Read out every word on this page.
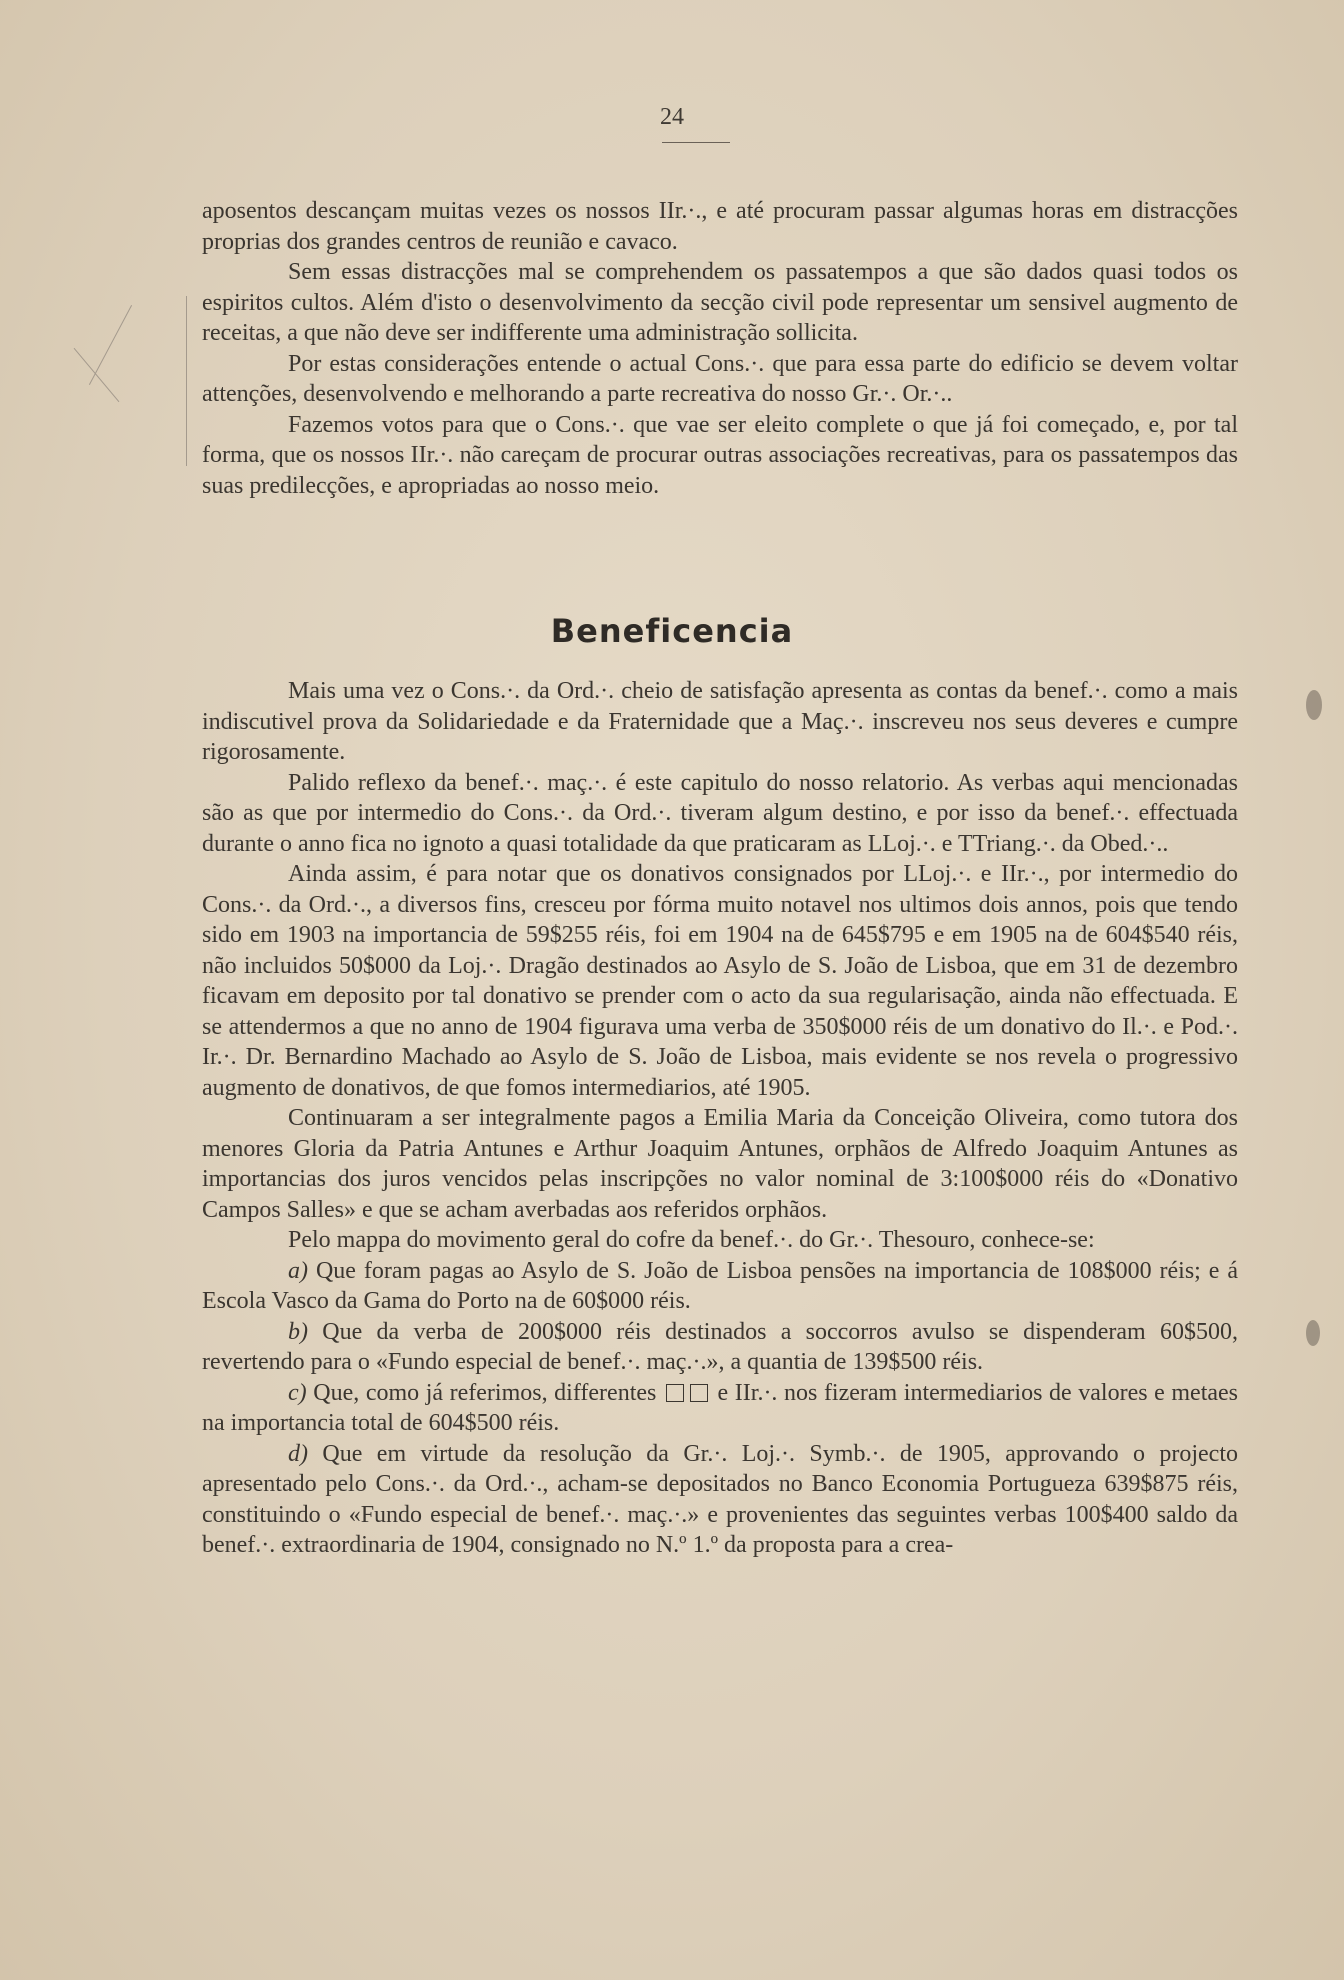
24

aposentos descançam muitas vezes os nossos IIr.·., e até procuram passar algumas horas em distracções proprias dos grandes centros de reunião e cavaco.

Sem essas distracções mal se comprehendem os passatempos a que são dados quasi todos os espiritos cultos. Além d'isto o desenvolvimento da secção civil pode representar um sensivel augmento de receitas, a que não deve ser indifferente uma administração sollicita.

Por estas considerações entende o actual Cons.·. que para essa parte do edificio se devem voltar attenções, desenvolvendo e melhorando a parte recreativa do nosso Gr.·. Or.·..

Fazemos votos para que o Cons.·. que vae ser eleito complete o que já foi começado, e, por tal forma, que os nossos IIr.·. não careçam de procurar outras associações recreativas, para os passatempos das suas predilecções, e apropriadas ao nosso meio.

Beneficencia

Mais uma vez o Cons.·. da Ord.·. cheio de satisfação apresenta as contas da benef.·. como a mais indiscutivel prova da Solidariedade e da Fraternidade que a Maç.·. inscreveu nos seus deveres e cumpre rigorosamente.

Palido reflexo da benef.·. maç.·. é este capitulo do nosso relatorio. As verbas aqui mencionadas são as que por intermedio do Cons.·. da Ord.·. tiveram algum destino, e por isso da benef.·. effectuada durante o anno fica no ignoto a quasi totalidade da que praticaram as LLoj.·. e TTriang.·. da Obed.·..

Ainda assim, é para notar que os donativos consignados por LLoj.·. e IIr.·., por intermedio do Cons.·. da Ord.·., a diversos fins, cresceu por fórma muito notavel nos ultimos dois annos, pois que tendo sido em 1903 na importancia de 59$255 réis, foi em 1904 na de 645$795 e em 1905 na de 604$540 réis, não incluidos 50$000 da Loj.·. Dragão destinados ao Asylo de S. João de Lisboa, que em 31 de dezembro ficavam em deposito por tal donativo se prender com o acto da sua regularisação, ainda não effectuada. E se attendermos a que no anno de 1904 figurava uma verba de 350$000 réis de um donativo do Il.·. e Pod.·. Ir.·. Dr. Bernardino Machado ao Asylo de S. João de Lisboa, mais evidente se nos revela o progressivo augmento de donativos, de que fomos intermediarios, até 1905.

Continuaram a ser integralmente pagos a Emilia Maria da Conceição Oliveira, como tutora dos menores Gloria da Patria Antunes e Arthur Joaquim Antunes, orphãos de Alfredo Joaquim Antunes as importancias dos juros vencidos pelas inscripções no valor nominal de 3:100$000 réis do «Donativo Campos Salles» e que se acham averbadas aos referidos orphãos.

Pelo mappa do movimento geral do cofre da benef.·. do Gr.·. Thesouro, conhece-se:

a) Que foram pagas ao Asylo de S. João de Lisboa pensões na importancia de 108$000 réis; e á Escola Vasco da Gama do Porto na de 60$000 réis.

b) Que da verba de 200$000 réis destinados a soccorros avulso se dispenderam 60$500, revertendo para o «Fundo especial de benef.·. maç.·.», a quantia de 139$500 réis.

c) Que, como já referimos, differentes	e IIr.·. nos fizeram intermediarios de valores e metaes na importancia total de 604$500 réis.

d) Que em virtude da resolução da Gr.·. Loj.·. Symb.·. de 1905, approvando o projecto apresentado pelo Cons.·. da Ord.·., acham-se depositados no Banco Economia Portugueza 639$875 réis, constituindo o «Fundo especial de benef.·. maç.·.» e provenientes das seguintes verbas 100$400 saldo da benef.·. extraordinaria de 1904, consignado no N.º 1.º da proposta para a crea-
